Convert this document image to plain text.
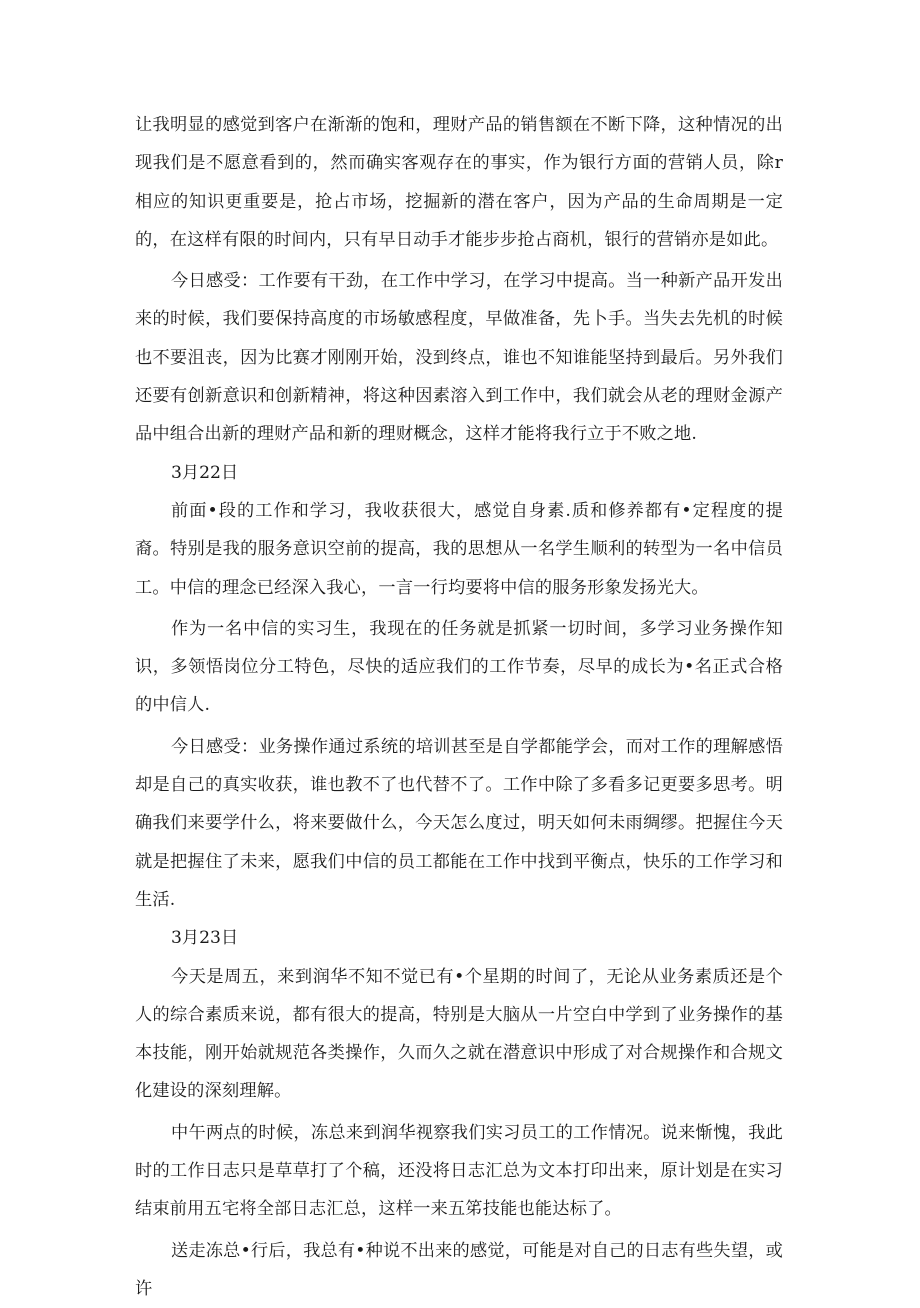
让我明显的感觉到客户在渐渐的饱和，理财产品的销售额在不断下降，这种情况的出现我们是不愿意看到的，然而确实客观存在的事实，作为银行方面的营销人员，除r相应的知识更重要是，抢占市场，挖掘新的潜在客户，因为产品的生命周期是一定的，在这样有限的时间内，只有早日动手才能步步抢占商机，银行的营销亦是如此。

今日感受：工作要有干劲，在工作中学习，在学习中提高。当一种新产品开发出来的时候，我们要保持高度的市场敏感程度，早做准备，先卜手。当失去先机的时候也不要沮丧，因为比赛才刚刚开始，没到终点，谁也不知谁能坚持到最后。另外我们还要有创新意识和创新精神，将这种因素溶入到工作中，我们就会从老的理财金源产品中组合出新的理财产品和新的理财概念，这样才能将我行立于不败之地.

3月22日

前面•段的工作和学习，我收获很大，感觉自身素.质和修养都有•定程度的提裔。特别是我的服务意识空前的提高，我的思想从一名学生顺利的转型为一名中信员工。中信的理念已经深入我心，一言一行均要将中信的服务形象发扬光大。

作为一名中信的实习生，我现在的任务就是抓紧一切时间，多学习业务操作知识，多领悟岗位分工特色，尽快的适应我们的工作节奏，尽早的成长为•名正式合格的中信人.

今日感受：业务操作通过系统的培训甚至是自学都能学会，而对工作的理解感悟却是自己的真实收获，谁也教不了也代替不了。工作中除了多看多记更要多思考。明确我们来要学什么，将来要做什么，今天怎么度过，明天如何未雨绸缪。把握住今天就是把握住了未来，愿我们中信的员工都能在工作中找到平衡点，快乐的工作学习和生活.

3月23日

今天是周五，来到润华不知不觉已有•个星期的时间了，无论从业务素质还是个人的综合素质来说，都有很大的提高，特别是大脑从一片空白中学到了业务操作的基本技能，刚开始就规范各类操作，久而久之就在潜意识中形成了对合规操作和合规文化建设的深刻理解。

中午两点的时候，冻总来到润华视察我们实习员工的工作情况。说来惭愧，我此时的工作日志只是草草打了个稿，还没将日志汇总为文本打印出来，原计划是在实习结束前用五宅将全部日志汇总，这样一来五笫技能也能达标了。

送走冻总•行后，我总有•种说不出来的感觉，可能是对自己的日志有些失望，或许
